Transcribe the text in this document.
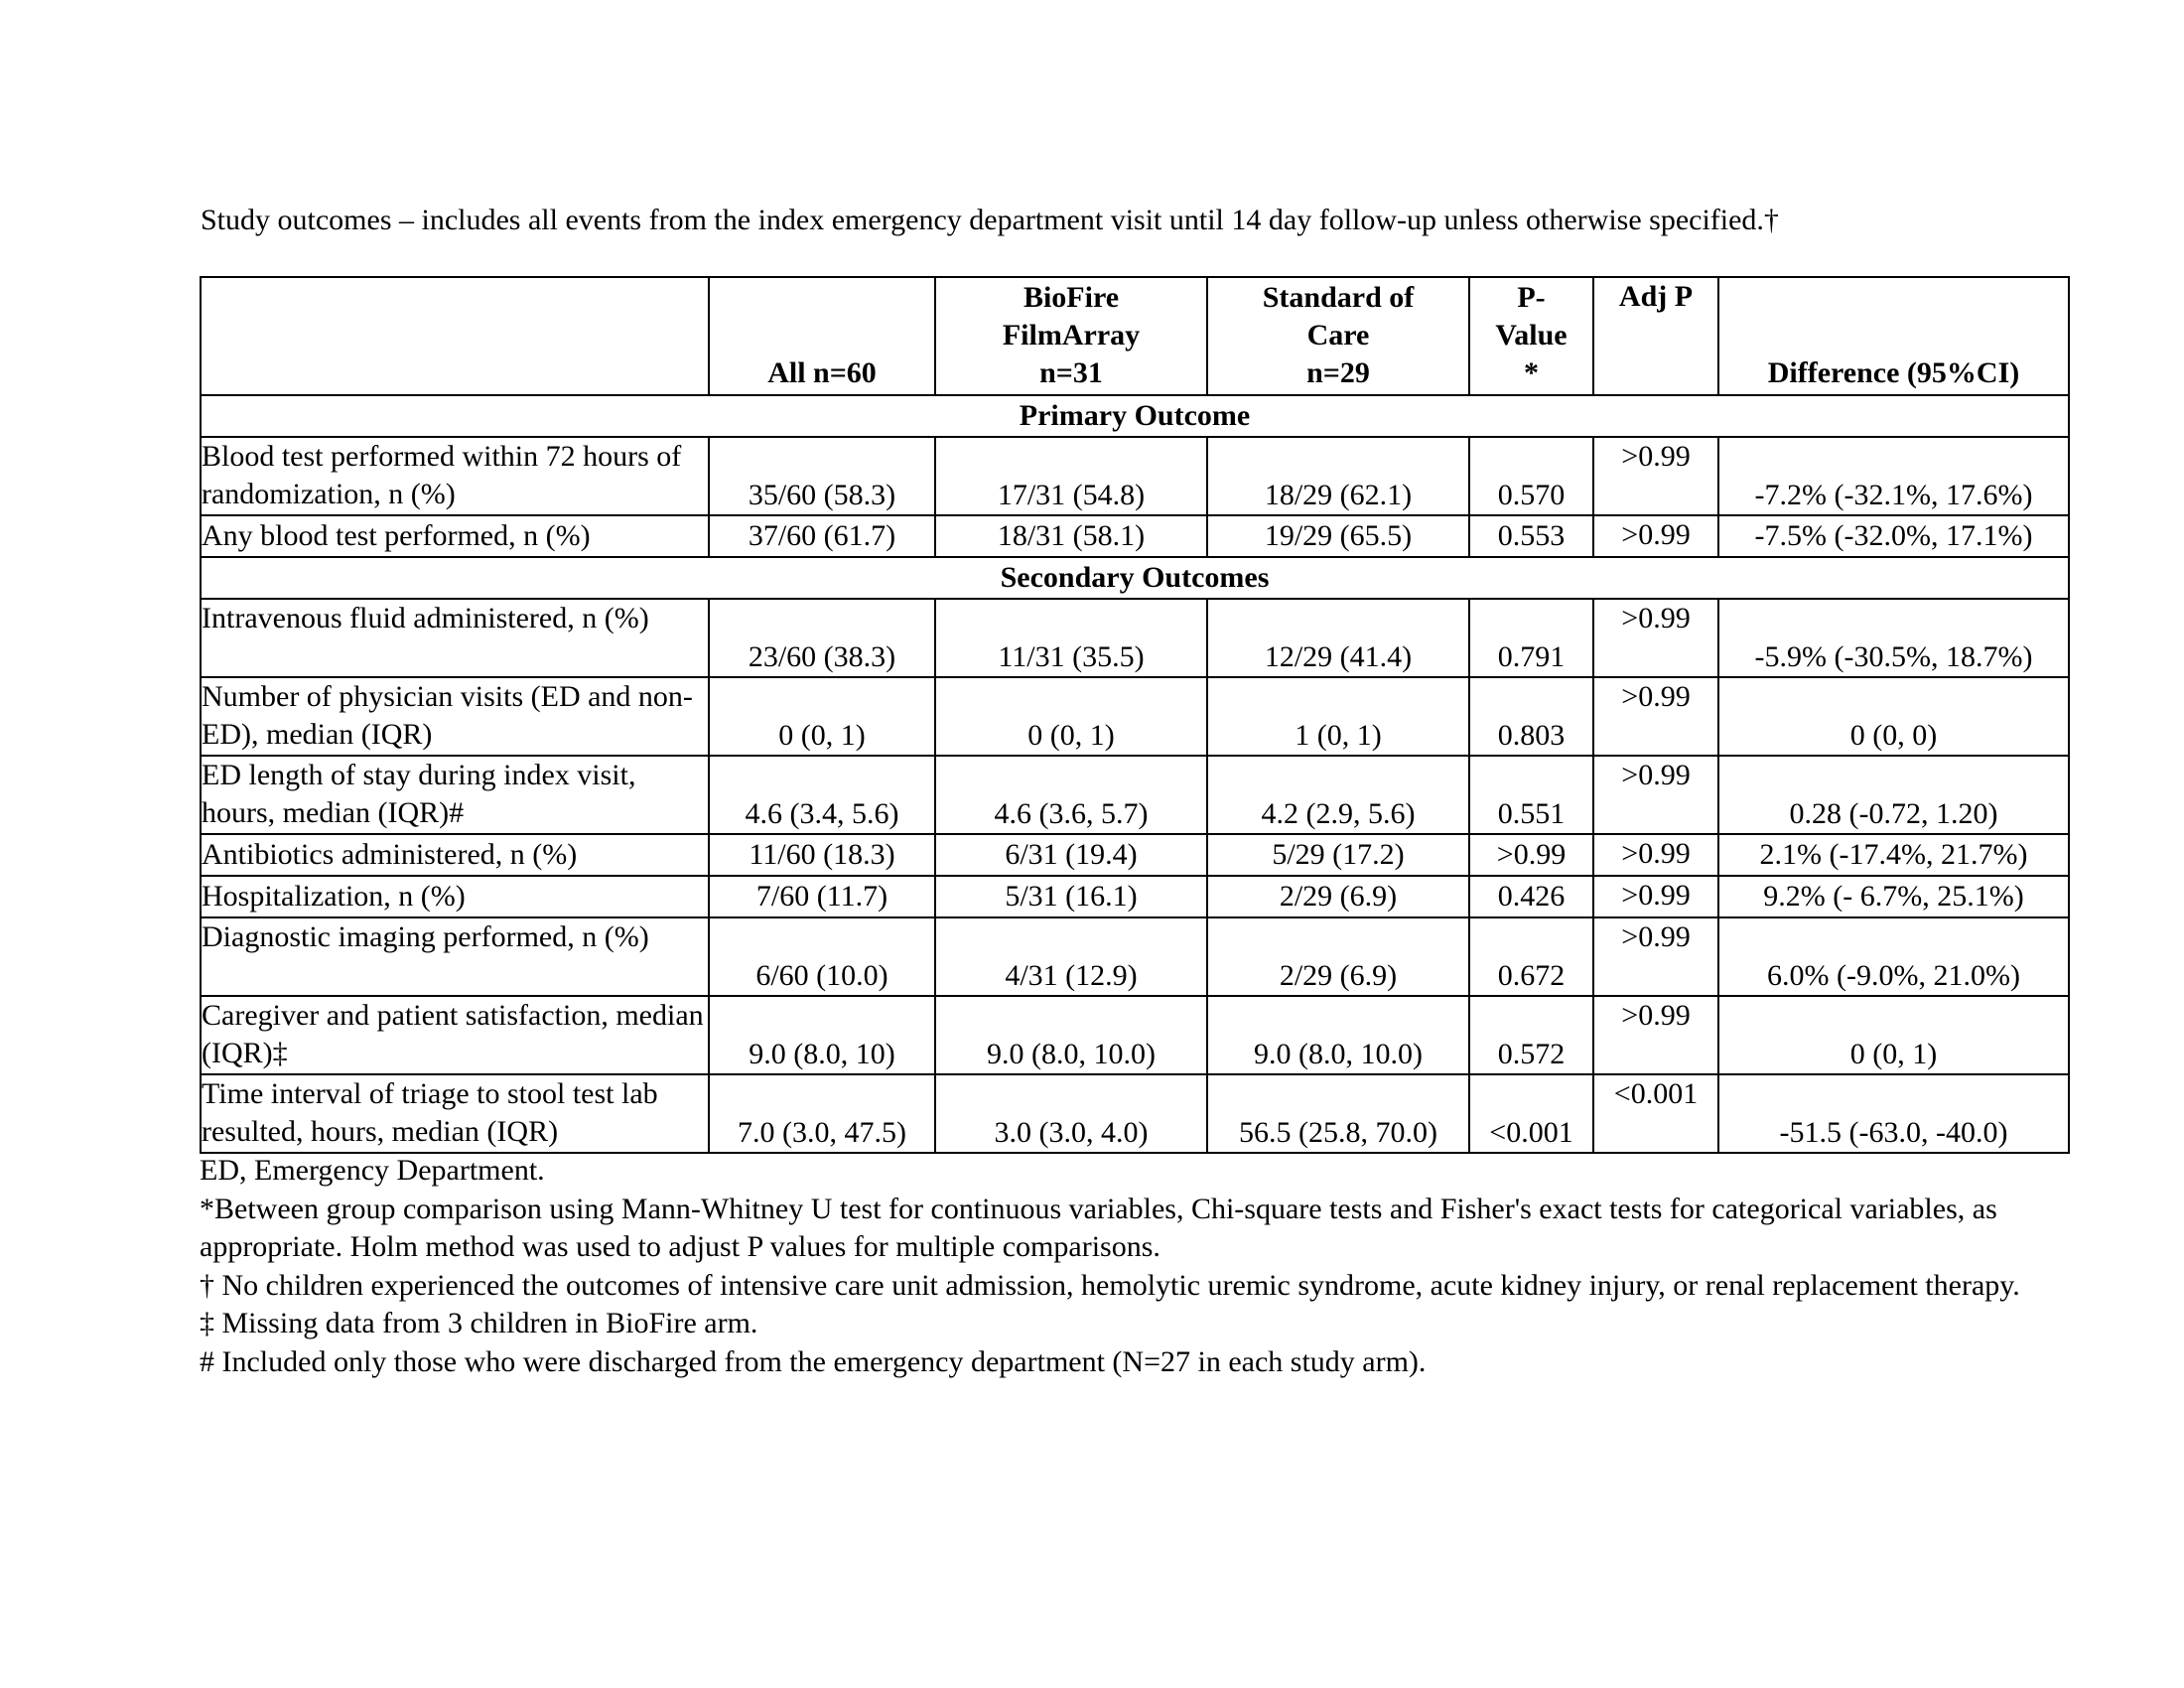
Study outcomes – includes all events from the index emergency department visit until 14 day follow-up unless otherwise specified.†

	All n=60	BioFire
FilmArray
n=31	Standard of
Care
n=29	P-
Value
*	Adj P	Difference (95%CI)

Primary Outcome						
Blood test performed within 72 hours of randomization, n (%)	35/60 (58.3)	17/31 (54.8)	18/29 (62.1)	0.570	>0.99	-7.2% (-32.1%, 17.6%)
Any blood test performed, n (%)	37/60 (61.7)	18/31 (58.1)	19/29 (65.5)	0.553	>0.99	-7.5% (-32.0%, 17.1%)
Secondary Outcomes						
Intravenous fluid administered, n (%)	23/60 (38.3)	11/31 (35.5)	12/29 (41.4)	0.791	>0.99	-5.9% (-30.5%, 18.7%)
Number of physician visits (ED and non-ED), median (IQR)	0 (0, 1)	0 (0, 1)	1 (0, 1)	0.803	>0.99	0 (0, 0)
ED length of stay during index visit, hours, median (IQR)#	4.6 (3.4, 5.6)	4.6 (3.6, 5.7)	4.2 (2.9, 5.6)	0.551	>0.99	0.28 (-0.72, 1.20)
Antibiotics administered, n (%)	11/60 (18.3)	6/31 (19.4)	5/29 (17.2)	>0.99	>0.99	2.1% (-17.4%, 21.7%)
Hospitalization, n (%)	7/60 (11.7)	5/31 (16.1)	2/29 (6.9)	0.426	>0.99	9.2% (- 6.7%, 25.1%)
Diagnostic imaging performed, n (%)	6/60 (10.0)	4/31 (12.9)	2/29 (6.9)	0.672	>0.99	6.0% (-9.0%, 21.0%)
Caregiver and patient satisfaction, median (IQR)‡	9.0 (8.0, 10)	9.0 (8.0, 10.0)	9.0 (8.0, 10.0)	0.572	>0.99	0 (0, 1)
Time interval of triage to stool test lab resulted, hours, median (IQR)	7.0 (3.0, 47.5)	3.0 (3.0, 4.0)	56.5 (25.8, 70.0)	<0.001	<0.001	-51.5 (-63.0, -40.0)

ED, Emergency Department.

*Between group comparison using Mann-Whitney U test for continuous variables, Chi-square tests and Fisher's exact tests for categorical variables, as appropriate. Holm method was used to adjust P values for multiple comparisons.

† No children experienced the outcomes of intensive care unit admission, hemolytic uremic syndrome, acute kidney injury, or renal replacement therapy.

‡ Missing data from 3 children in BioFire arm.

# Included only those who were discharged from the emergency department (N=27 in each study arm).
